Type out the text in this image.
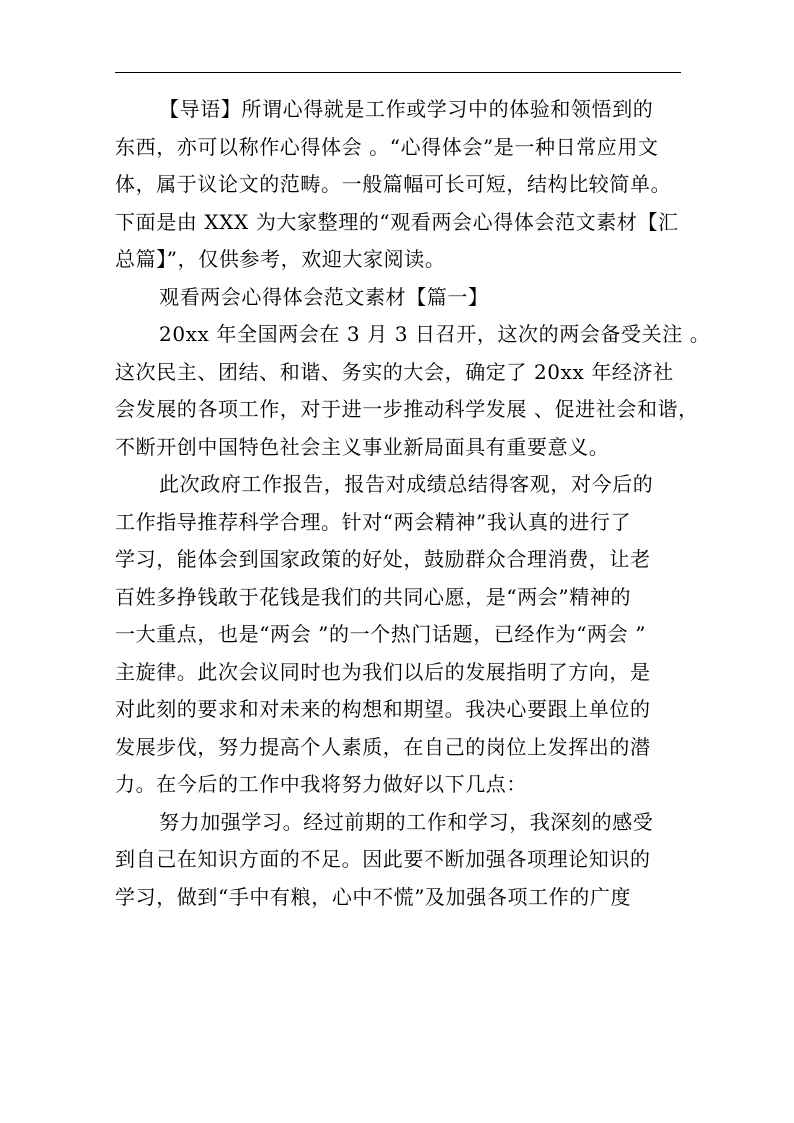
【导语】所谓心得就是工作或学习中的体验和领悟到的
东西，亦可以称作心得体会 。“心得体会”是一种日常应用文
体，属于议论文的范畴。一般篇幅可长可短，结构比较简单。
下面是由 XXX 为大家整理的“观看两会心得体会范文素材【汇
总篇】”，仅供参考，欢迎大家阅读。

观看两会心得体会范文素材【篇一】

20xx 年全国两会在 3 月 3 日召开，这次的两会备受关注 。
这次民主、团结、和谐、务实的大会，确定了 20xx 年经济社
会发展的各项工作，对于进一步推动科学发展 、促进社会和谐，
不断开创中国特色社会主义事业新局面具有重要意义。

此次政府工作报告，报告对成绩总结得客观，对今后的
工作指导推荐科学合理。针对“两会精神”我认真的进行了
学习，能体会到国家政策的好处，鼓励群众合理消费，让老
百姓多挣钱敢于花钱是我们的共同心愿，是“两会”精神的
一大重点，也是“两会 ”的一个热门话题，已经作为“两会 ”
主旋律。此次会议同时也为我们以后的发展指明了方向，是
对此刻的要求和对未来的构想和期望。我决心要跟上单位的
发展步伐，努力提高个人素质，在自己的岗位上发挥出的潜
力。在今后的工作中我将努力做好以下几点：

努力加强学习。经过前期的工作和学习，我深刻的感受
到自己在知识方面的不足。因此要不断加强各项理论知识的
学习，做到“手中有粮，心中不慌”及加强各项工作的广度
